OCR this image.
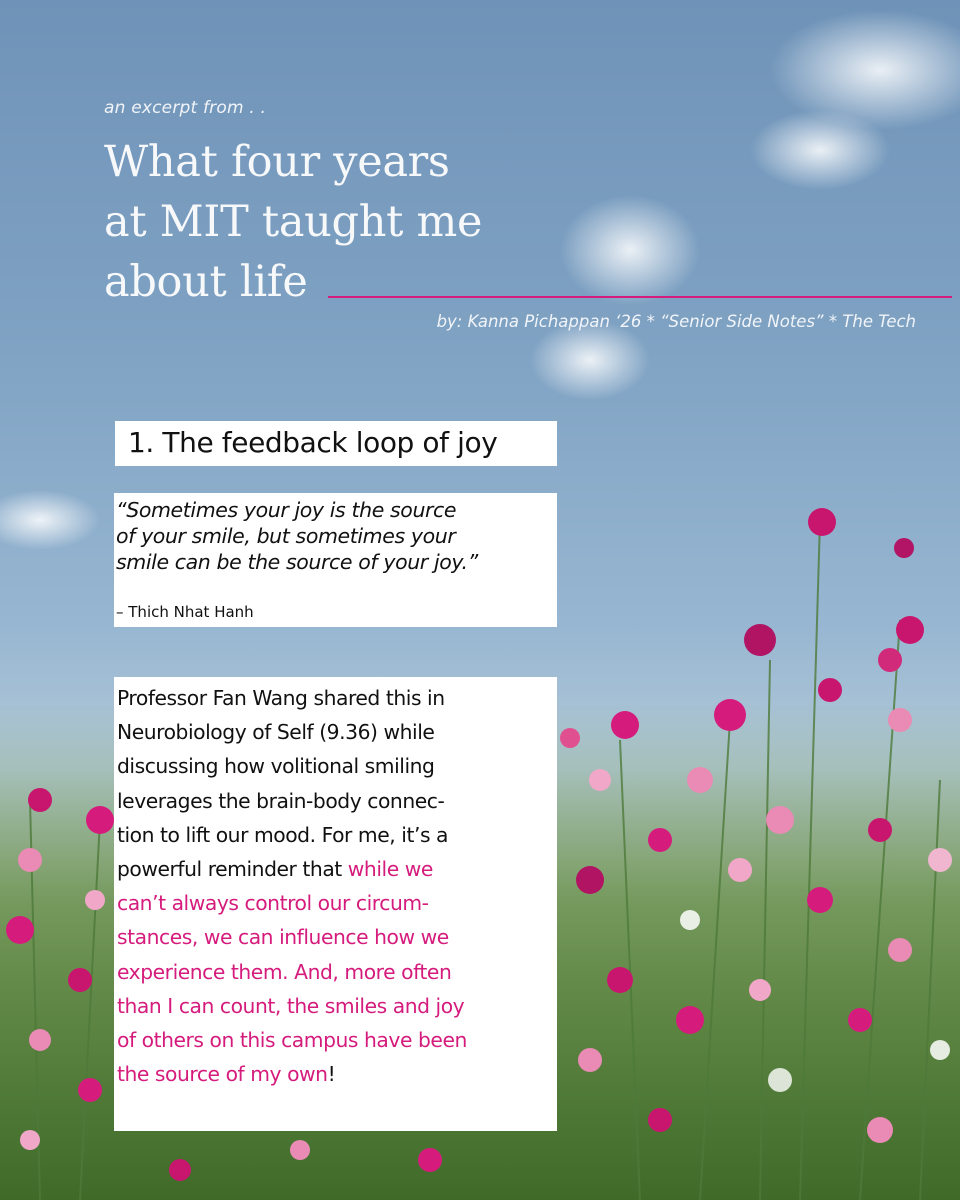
an excerpt from . .

What four years
at MIT taught me
about life

by: Kanna Pichappan ‘26 * “Senior Side Notes” * The Tech

1. The feedback loop of joy
“Sometimes your joy is the source
of your smile, but sometimes your
smile can be the source of your joy.”

– Thich Nhat Hanh

Professor Fan Wang shared this in
Neurobiology of Self (9.36) while
discussing how volitional smiling
leverages the brain-body connec-
tion to lift our mood. For me, it’s a
powerful reminder that while we
can’t always control our circum-
stances, we can influence how we
experience them. And, more often
than I can count, the smiles and joy
of others on this campus have been
the source of my own!
